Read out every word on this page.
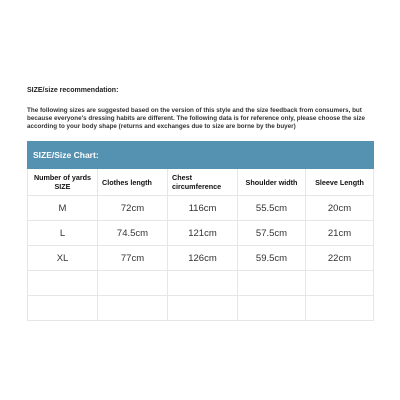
SIZE/size recommendation:

The following sizes are suggested based on the version of this style and the size feedback from consumers, but because everyone's dressing habits are different. The following data is for reference only, please choose the size according to your body shape (returns and exchanges due to size are borne by the buyer)

SIZE/Size Chart:				
Number of yards SIZE	Clothes length	Chest circumference	Shoulder width	Sleeve Length
M	72cm	116cm	55.5cm	20cm
L	74.5cm	121cm	57.5cm	21cm
XL	77cm	126cm	59.5cm	22cm
